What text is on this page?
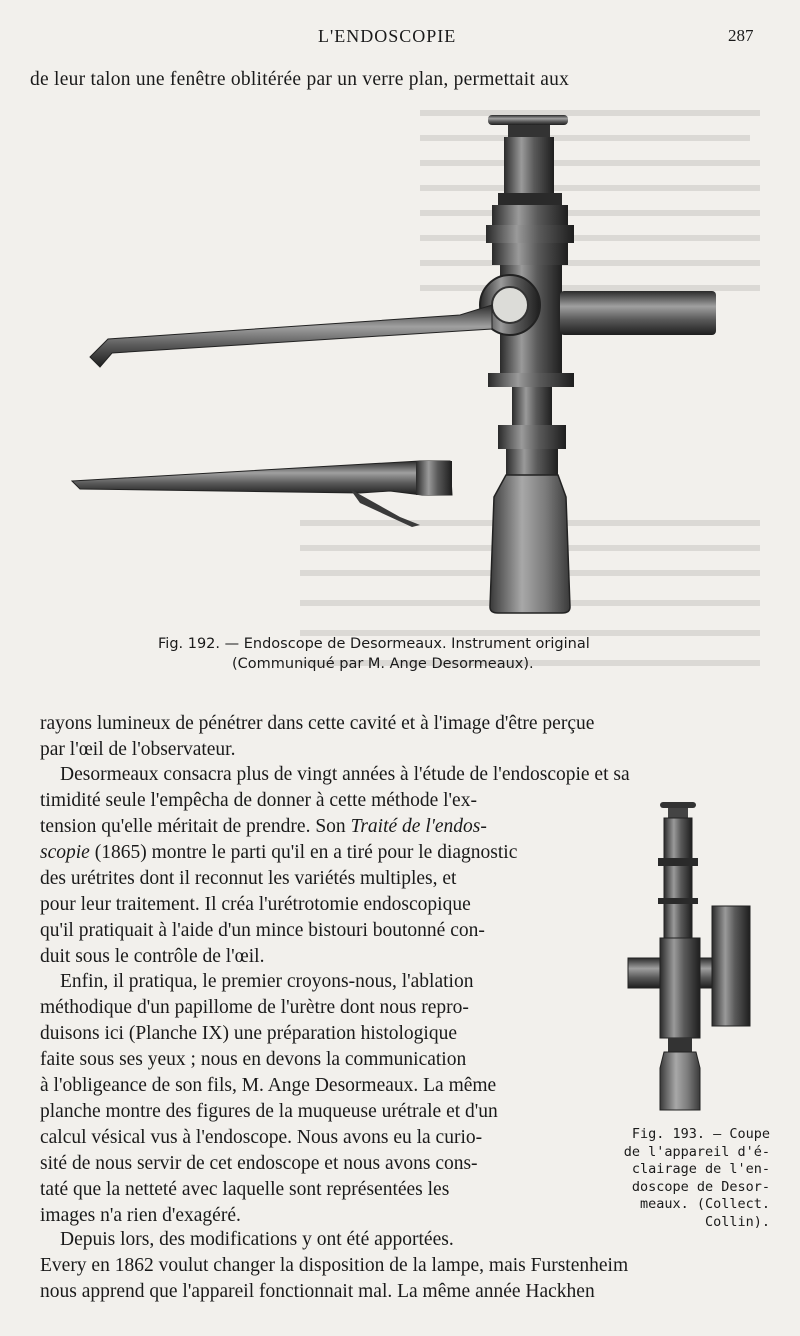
L'ENDOSCOPIE	287
de leur talon une fenêtre oblitérée par un verre plan, permettait aux
Fig. 192. — Endoscope de Desormeaux. Instrument original
(Communiqué par M. Ange Desormeaux).
rayons lumineux de pénétrer dans cette cavité et à l'image d'être perçue
par l'œil de l'observateur.
Desormeaux consacra plus de vingt années à l'étude de l'endoscopie et sa
timidité seule l'empêcha de donner à cette méthode l'ex-
tension qu'elle méritait de prendre. Son Traité de l'endos-
scopie (1865) montre le parti qu'il en a tiré pour le diagnostic
des urétrites dont il reconnut les variétés multiples, et
pour leur traitement. Il créa l'urétrotomie endoscopique
qu'il pratiquait à l'aide d'un mince bistouri boutonné con-
duit sous le contrôle de l'œil.
Enfin, il pratiqua, le premier croyons-nous, l'ablation
méthodique d'un papillome de l'urètre dont nous repro-
duisons ici (Planche IX) une préparation histologique
faite sous ses yeux ; nous en devons la communication
à l'obligeance de son fils, M. Ange Desormeaux. La même
planche montre des figures de la muqueuse urétrale et d'un
calcul vésical vus à l'endoscope. Nous avons eu la curio-
sité de nous servir de cet endoscope et nous avons cons-
taté que la netteté avec laquelle sont représentées les
images n'a rien d'exagéré.
Depuis lors, des modifications y ont été apportées.
Every en 1862 voulut changer la disposition de la lampe, mais Furstenheim
nous apprend que l'appareil fonctionnait mal. La même année Hackhen
Fig. 193. — Coupe
de l'appareil d'é-
clairage de l'en-
doscope de Desor-
meaux. (Collect.
Collin).
